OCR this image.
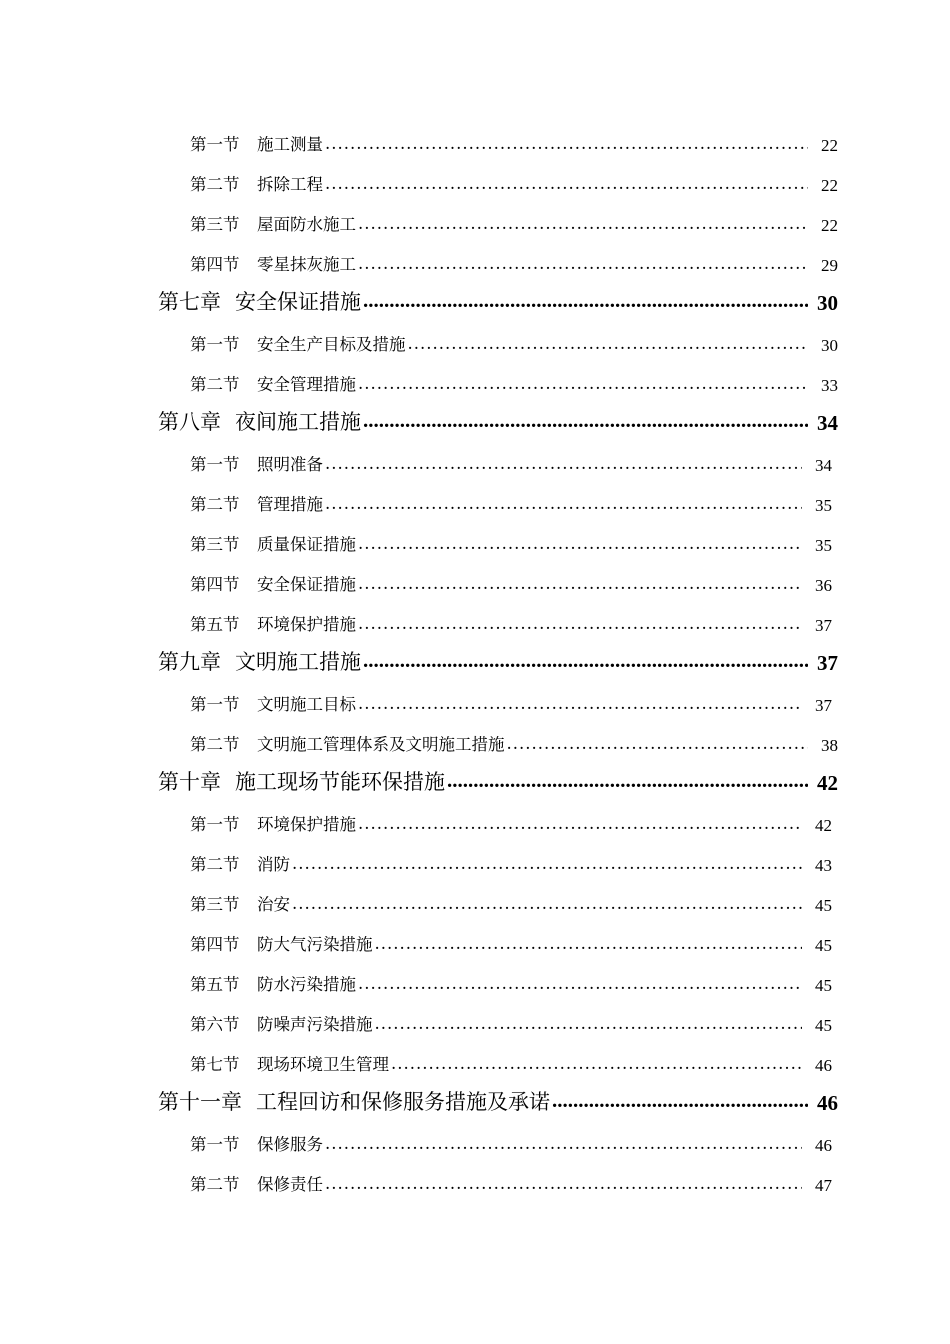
第一节	施工测量 .....	22
第二节	拆除工程 .....	22
第三节	屋面防水施工 .....	22
第四节	零星抹灰施工 .....	29
第七章 安全保证措施 .....	30
第一节	安全生产目标及措施 .....	30
第二节	安全管理措施 .....	33
第八章 夜间施工措施 .....	34
第一节	照明准备 .....	34
第二节	管理措施 .....	35
第三节	质量保证措施 .....	35
第四节	安全保证措施 .....	36
第五节	环境保护措施 .....	37
第九章 文明施工措施 .....	37
第一节	文明施工目标 .....	37
第二节	文明施工管理体系及文明施工措施 .....	38
第十章 施工现场节能环保措施 .....	42
第一节	环境保护措施 .....	42
第二节	消防 .....	43
第三节	治安 .....	45
第四节	防大气污染措施 .....	45
第五节	防水污染措施 .....	45
第六节	防噪声污染措施 .....	45
第七节	现场环境卫生管理 .....	46
第十一章 工程回访和保修服务措施及承诺 .....	46
第一节	保修服务 .....	46
第二节	保修责任 .....	47
